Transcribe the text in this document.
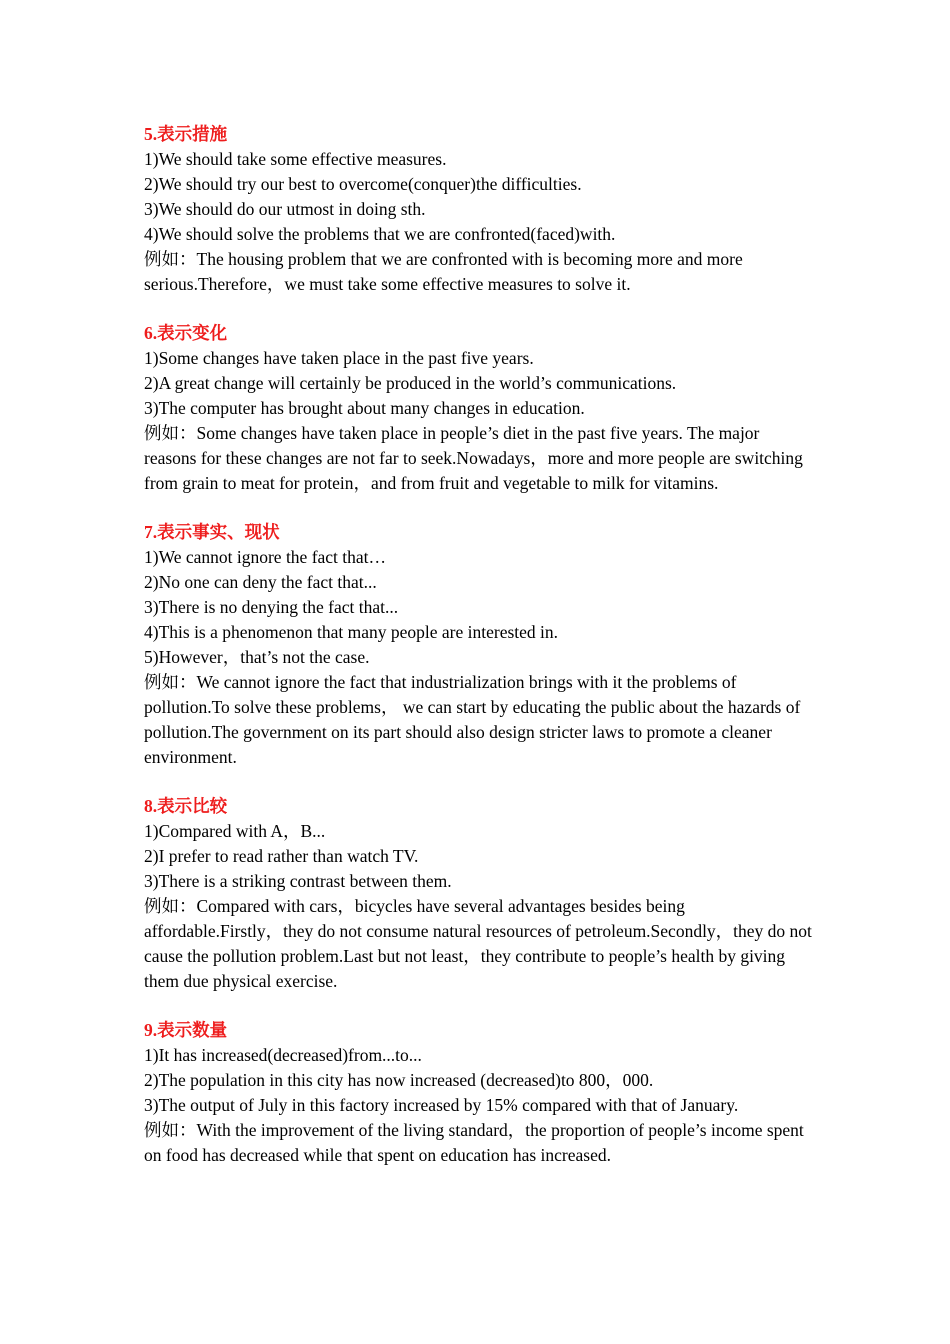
5.表示措施

1)We should take some effective measures.

2)We should try our best to overcome(conquer)the difficulties.

3)We should do our utmost in doing sth.

4)We should solve the problems that we are confronted(faced)with.

例如：The housing problem that we are confronted with is becoming more and more serious.Therefore，we must take some effective measures to solve it.

6.表示变化

1)Some changes have taken place in the past five years.

2)A great change will certainly be produced in the world’s communications.

3)The computer has brought about many changes in education.

例如：Some changes have taken place in people’s diet in the past five years. The major reasons for these changes are not far to seek.Nowadays，more and more people are switching from grain to meat for protein，and from fruit and vegetable to milk for vitamins.

7.表示事实、现状

1)We cannot ignore the fact that…

2)No one can deny the fact that...

3)There is no denying the fact that...

4)This is a phenomenon that many people are interested in.

5)However，that’s not the case.

例如：We cannot ignore the fact that industrialization brings with it the problems of pollution.To solve these problems， we can start by educating the public about the hazards of pollution.The government on its part should also design stricter laws to promote a cleaner environment.

8.表示比较

1)Compared with A，B...

2)I prefer to read rather than watch TV.

3)There is a striking contrast between them.

例如：Compared with cars，bicycles have several advantages besides being affordable.Firstly，they do not consume natural resources of petroleum.Secondly，they do not cause the pollution problem.Last but not least，they contribute to people’s health by giving them due physical exercise.

9.表示数量

1)It has increased(decreased)from...to...

2)The population in this city has now increased (decreased)to 800，000.

3)The output of July in this factory increased by 15% compared with that of January.

例如：With the improvement of the living standard，the proportion of people’s income spent on food has decreased while that spent on education has increased.
